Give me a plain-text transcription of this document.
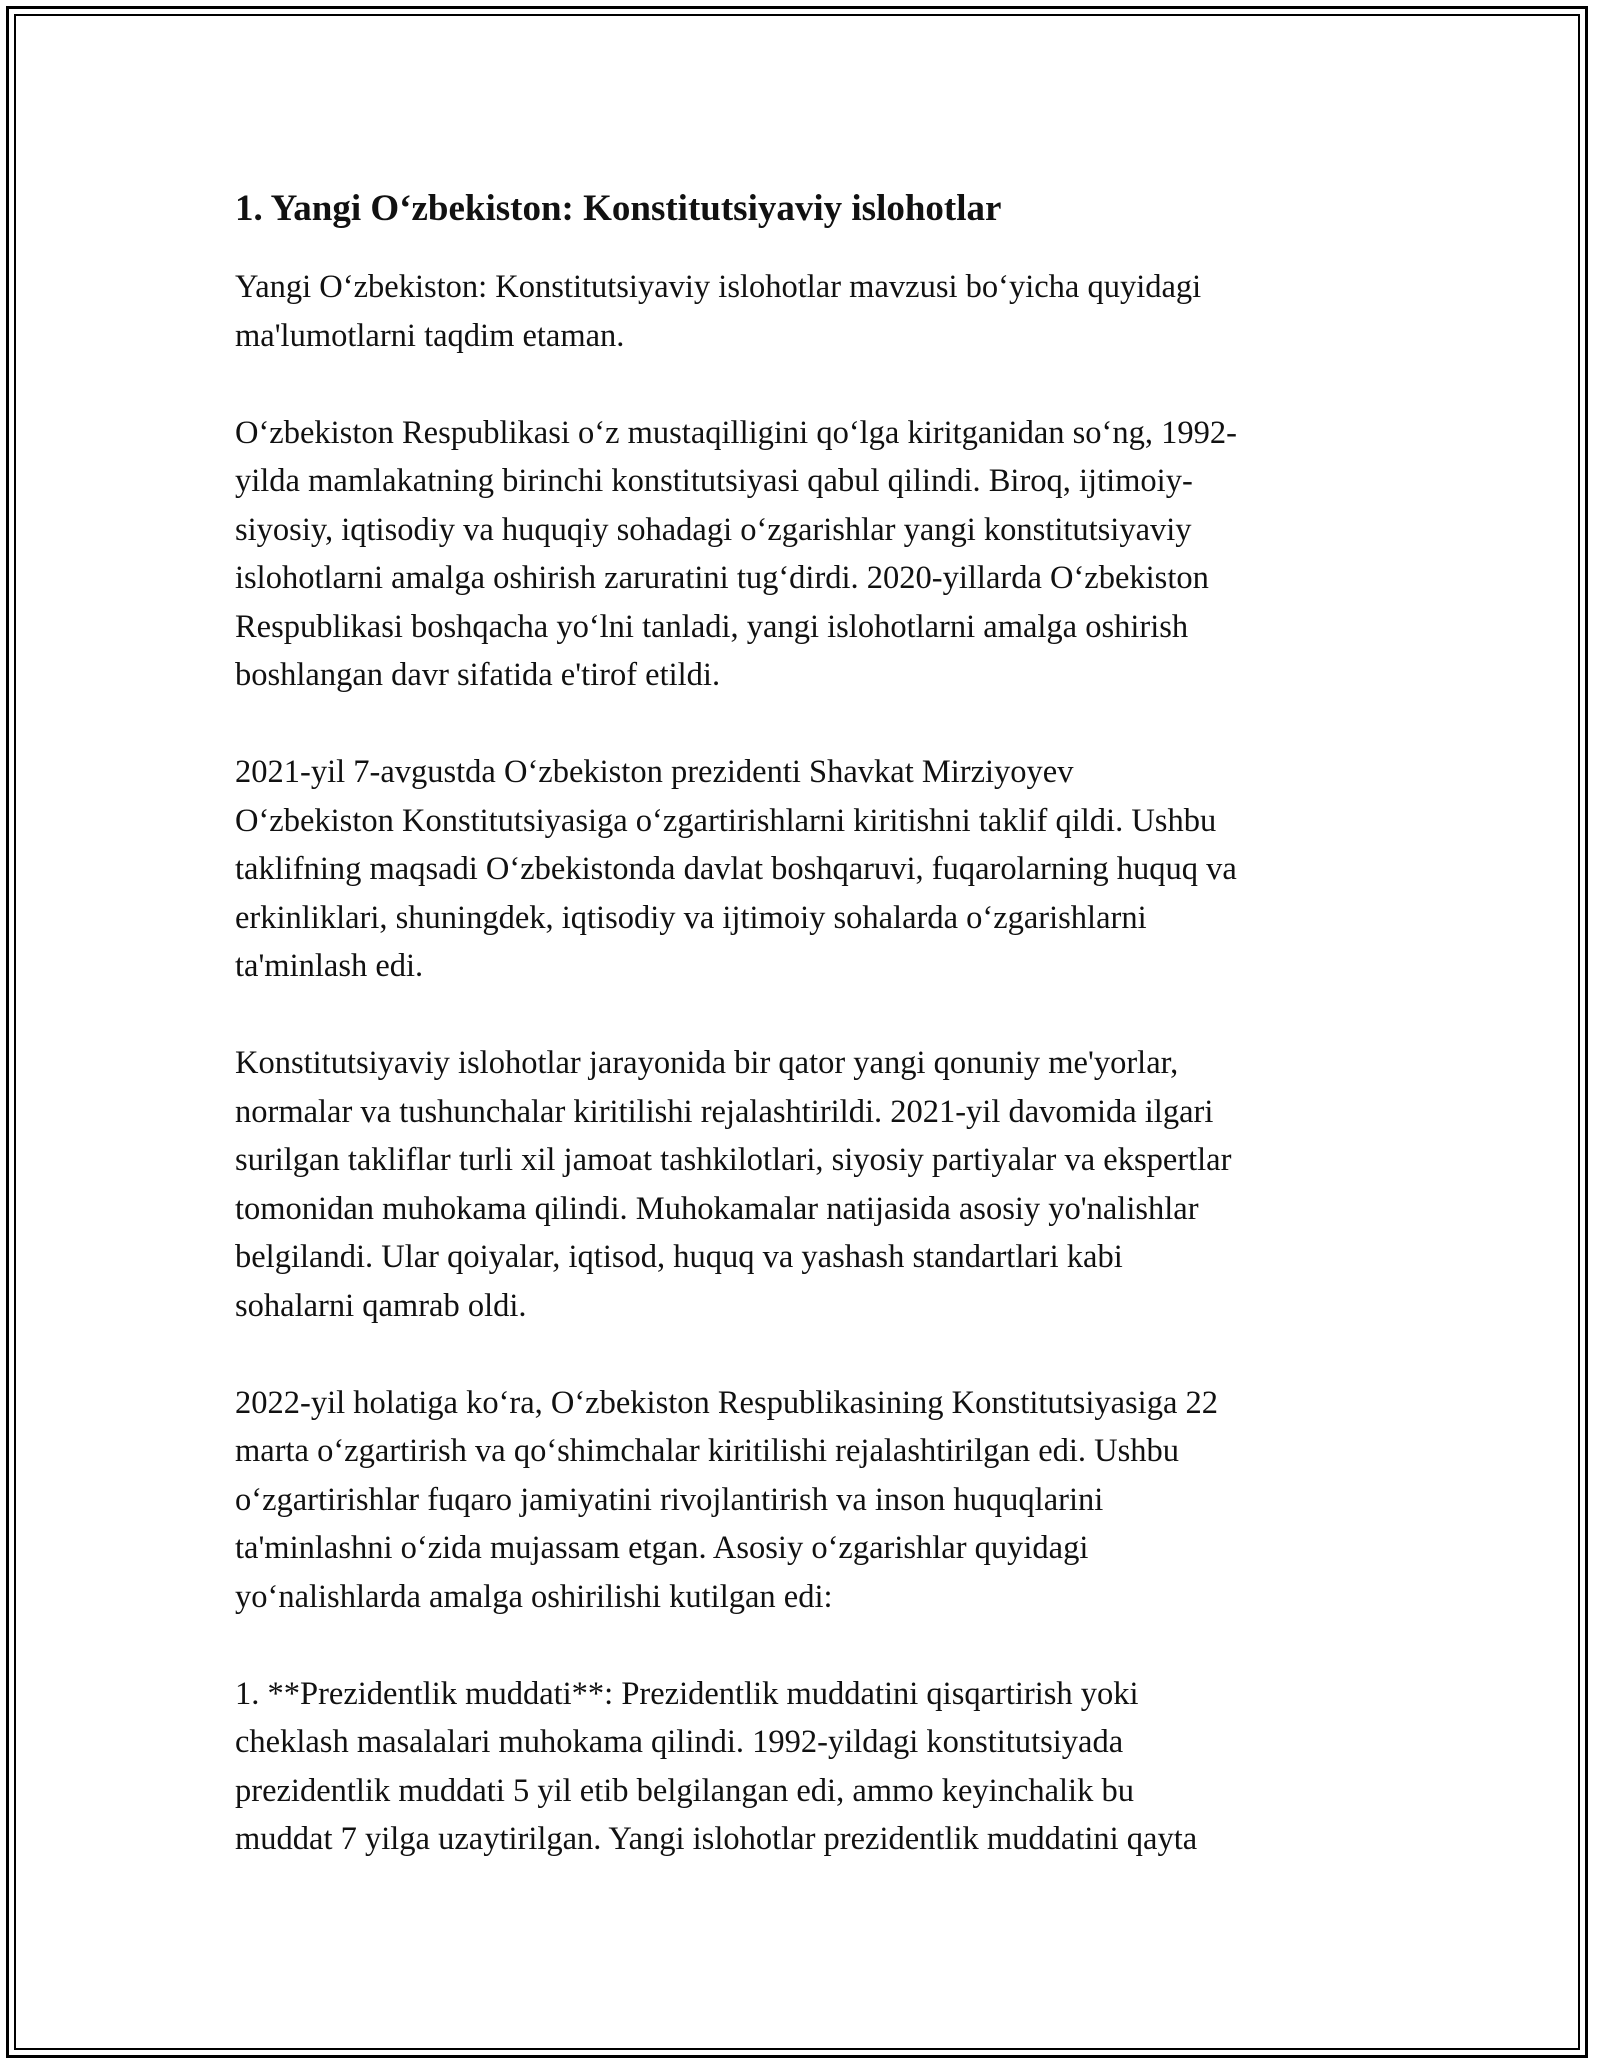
1. Yangi O‘zbekiston: Konstitutsiyaviy islohotlar

Yangi O‘zbekiston: Konstitutsiyaviy islohotlar mavzusi bo‘yicha quyidagi
ma'lumotlarni taqdim etaman.

O‘zbekiston Respublikasi o‘z mustaqilligini qo‘lga kiritganidan so‘ng, 1992-
yilda mamlakatning birinchi konstitutsiyasi qabul qilindi. Biroq, ijtimoiy-
siyosiy, iqtisodiy va huquqiy sohadagi o‘zgarishlar yangi konstitutsiyaviy
islohotlarni amalga oshirish zaruratini tug‘dirdi. 2020-yillarda O‘zbekiston
Respublikasi boshqacha yo‘lni tanladi, yangi islohotlarni amalga oshirish
boshlangan davr sifatida e'tirof etildi.

2021-yil 7-avgustda O‘zbekiston prezidenti Shavkat Mirziyoyev
O‘zbekiston Konstitutsiyasiga o‘zgartirishlarni kiritishni taklif qildi. Ushbu
taklifning maqsadi O‘zbekistonda davlat boshqaruvi, fuqarolarning huquq va
erkinliklari, shuningdek, iqtisodiy va ijtimoiy sohalarda o‘zgarishlarni
ta'minlash edi.

Konstitutsiyaviy islohotlar jarayonida bir qator yangi qonuniy me'yorlar,
normalar va tushunchalar kiritilishi rejalashtirildi. 2021-yil davomida ilgari
surilgan takliflar turli xil jamoat tashkilotlari, siyosiy partiyalar va ekspertlar
tomonidan muhokama qilindi. Muhokamalar natijasida asosiy yo'nalishlar
belgilandi. Ular qoiyalar, iqtisod, huquq va yashash standartlari kabi
sohalarni qamrab oldi.

2022-yil holatiga ko‘ra, O‘zbekiston Respublikasining Konstitutsiyasiga 22
marta o‘zgartirish va qo‘shimchalar kiritilishi rejalashtirilgan edi. Ushbu
o‘zgartirishlar fuqaro jamiyatini rivojlantirish va inson huquqlarini
ta'minlashni o‘zida mujassam etgan. Asosiy o‘zgarishlar quyidagi
yo‘nalishlarda amalga oshirilishi kutilgan edi:

1. **Prezidentlik muddati**: Prezidentlik muddatini qisqartirish yoki
cheklash masalalari muhokama qilindi. 1992-yildagi konstitutsiyada
prezidentlik muddati 5 yil etib belgilangan edi, ammo keyinchalik bu
muddat 7 yilga uzaytirilgan. Yangi islohotlar prezidentlik muddatini qayta
